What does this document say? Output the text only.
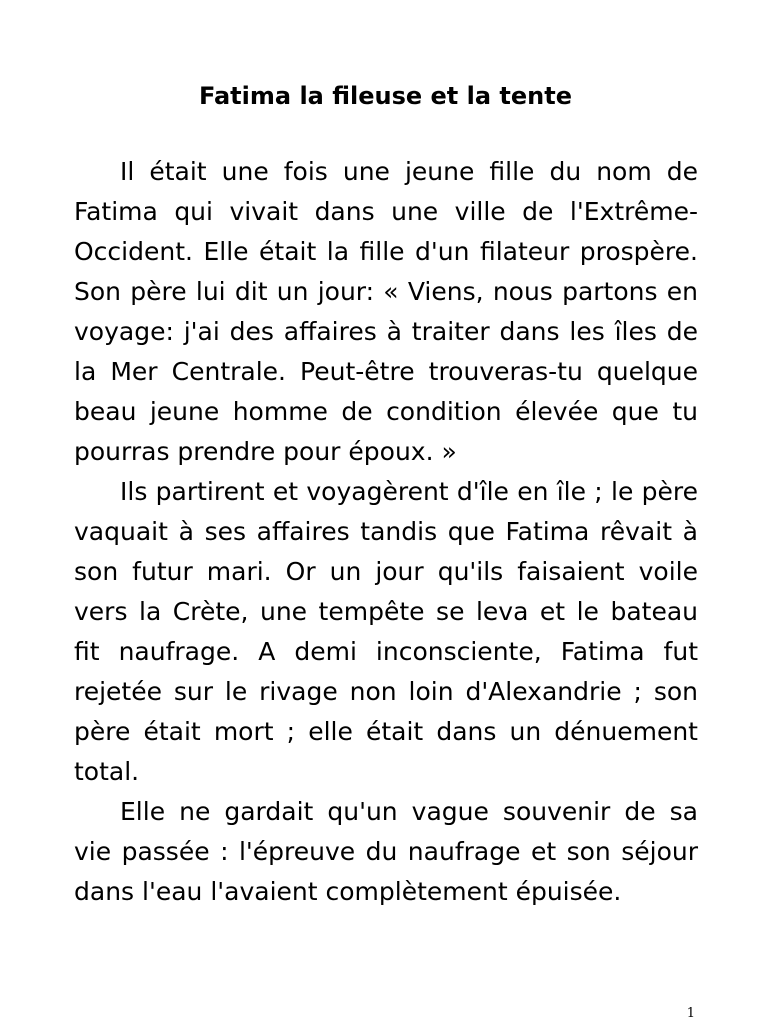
Fatima la fileuse et la tente

Il était une fois une jeune fille du nom de Fatima qui vivait dans une ville de l'Extrême-Occident. Elle était la fille d'un filateur prospère. Son père lui dit un jour: « Viens, nous partons en voyage: j'ai des affaires à traiter dans les îles de la Mer Centrale. Peut-être trouveras-tu quelque beau jeune homme de condition élevée que tu pourras prendre pour époux. »

Ils partirent et voyagèrent d'île en île ; le père vaquait à ses affaires tandis que Fatima rêvait à son futur mari. Or un jour qu'ils faisaient voile vers la Crète, une tempête se leva et le bateau fit naufrage. A demi inconsciente, Fatima fut rejetée sur le rivage non loin d'Alexandrie ; son père était mort ; elle était dans un dénuement total.

Elle ne gardait qu'un vague souvenir de sa vie passée : l'épreuve du naufrage et son séjour dans l'eau l'avaient complètement épuisée.

1
